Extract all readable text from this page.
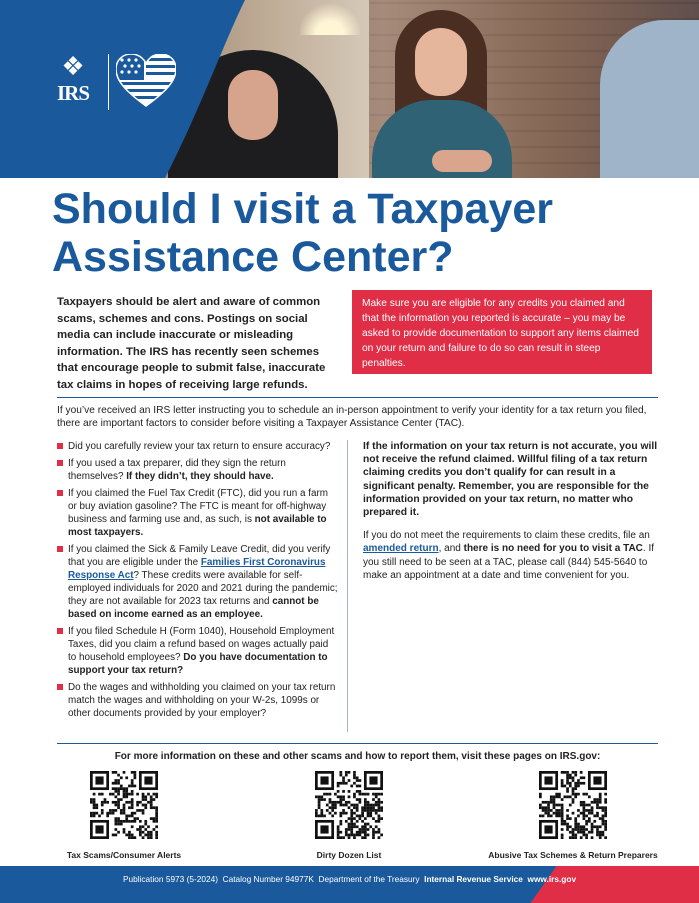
❖
IRS
Should I visit a Taxpayer Assistance Center?

Taxpayers should be alert and aware of common scams, schemes and cons. Postings on social media can include inaccurate or misleading information. The IRS has recently seen schemes that encourage people to submit false, inaccurate tax claims in hopes of receiving large refunds.

Make sure you are eligible for any credits you claimed and that the information you reported is accurate – you may be asked to provide documentation to support any items claimed on your return and failure to do so can result in steep penalties.

If you’ve received an IRS letter instructing you to schedule an in-person appointment to verify your identity for a tax return you filed, there are important factors to consider before visiting a Taxpayer Assistance Center (TAC).

Did you carefully review your tax return to ensure accuracy?
If you used a tax preparer, did they sign the return themselves? If they didn’t, they should have.
If you claimed the Fuel Tax Credit (FTC), did you run a farm or buy aviation gasoline? The FTC is meant for off-highway business and farming use and, as such, is not available to most taxpayers.
If you claimed the Sick & Family Leave Credit, did you verify that you are eligible under the Families First Coronavirus Response Act? These credits were available for self-employed individuals for 2020 and 2021 during the pandemic; they are not available for 2023 tax returns and cannot be based on income earned as an employee.
If you filed Schedule H (Form 1040), Household Employment Taxes, did you claim a refund based on wages actually paid to household employees? Do you have documentation to support your tax return?
Do the wages and withholding you claimed on your tax return match the wages and withholding on your W-2s, 1099s or other documents provided by your employer?

If the information on your tax return is not accurate, you will not receive the refund claimed. Willful filing of a tax return claiming credits you don’t qualify for can result in a significant penalty. Remember, you are responsible for the information provided on your tax return, no matter who prepared it.

If you do not meet the requirements to claim these credits, file an amended return, and there is no need for you to visit a TAC. If you still need to be seen at a TAC, please call (844) 545-5640 to make an appointment at a date and time convenient for you.

For more information on these and other scams and how to report them, visit these pages on IRS.gov:

Tax Scams/Consumer Alerts	Dirty Dozen List	Abusive Tax Schemes & Return Preparers
Publication 5973 (5-2024) Catalog Number 94977K Department of the Treasury Internal Revenue Service www.irs.gov
